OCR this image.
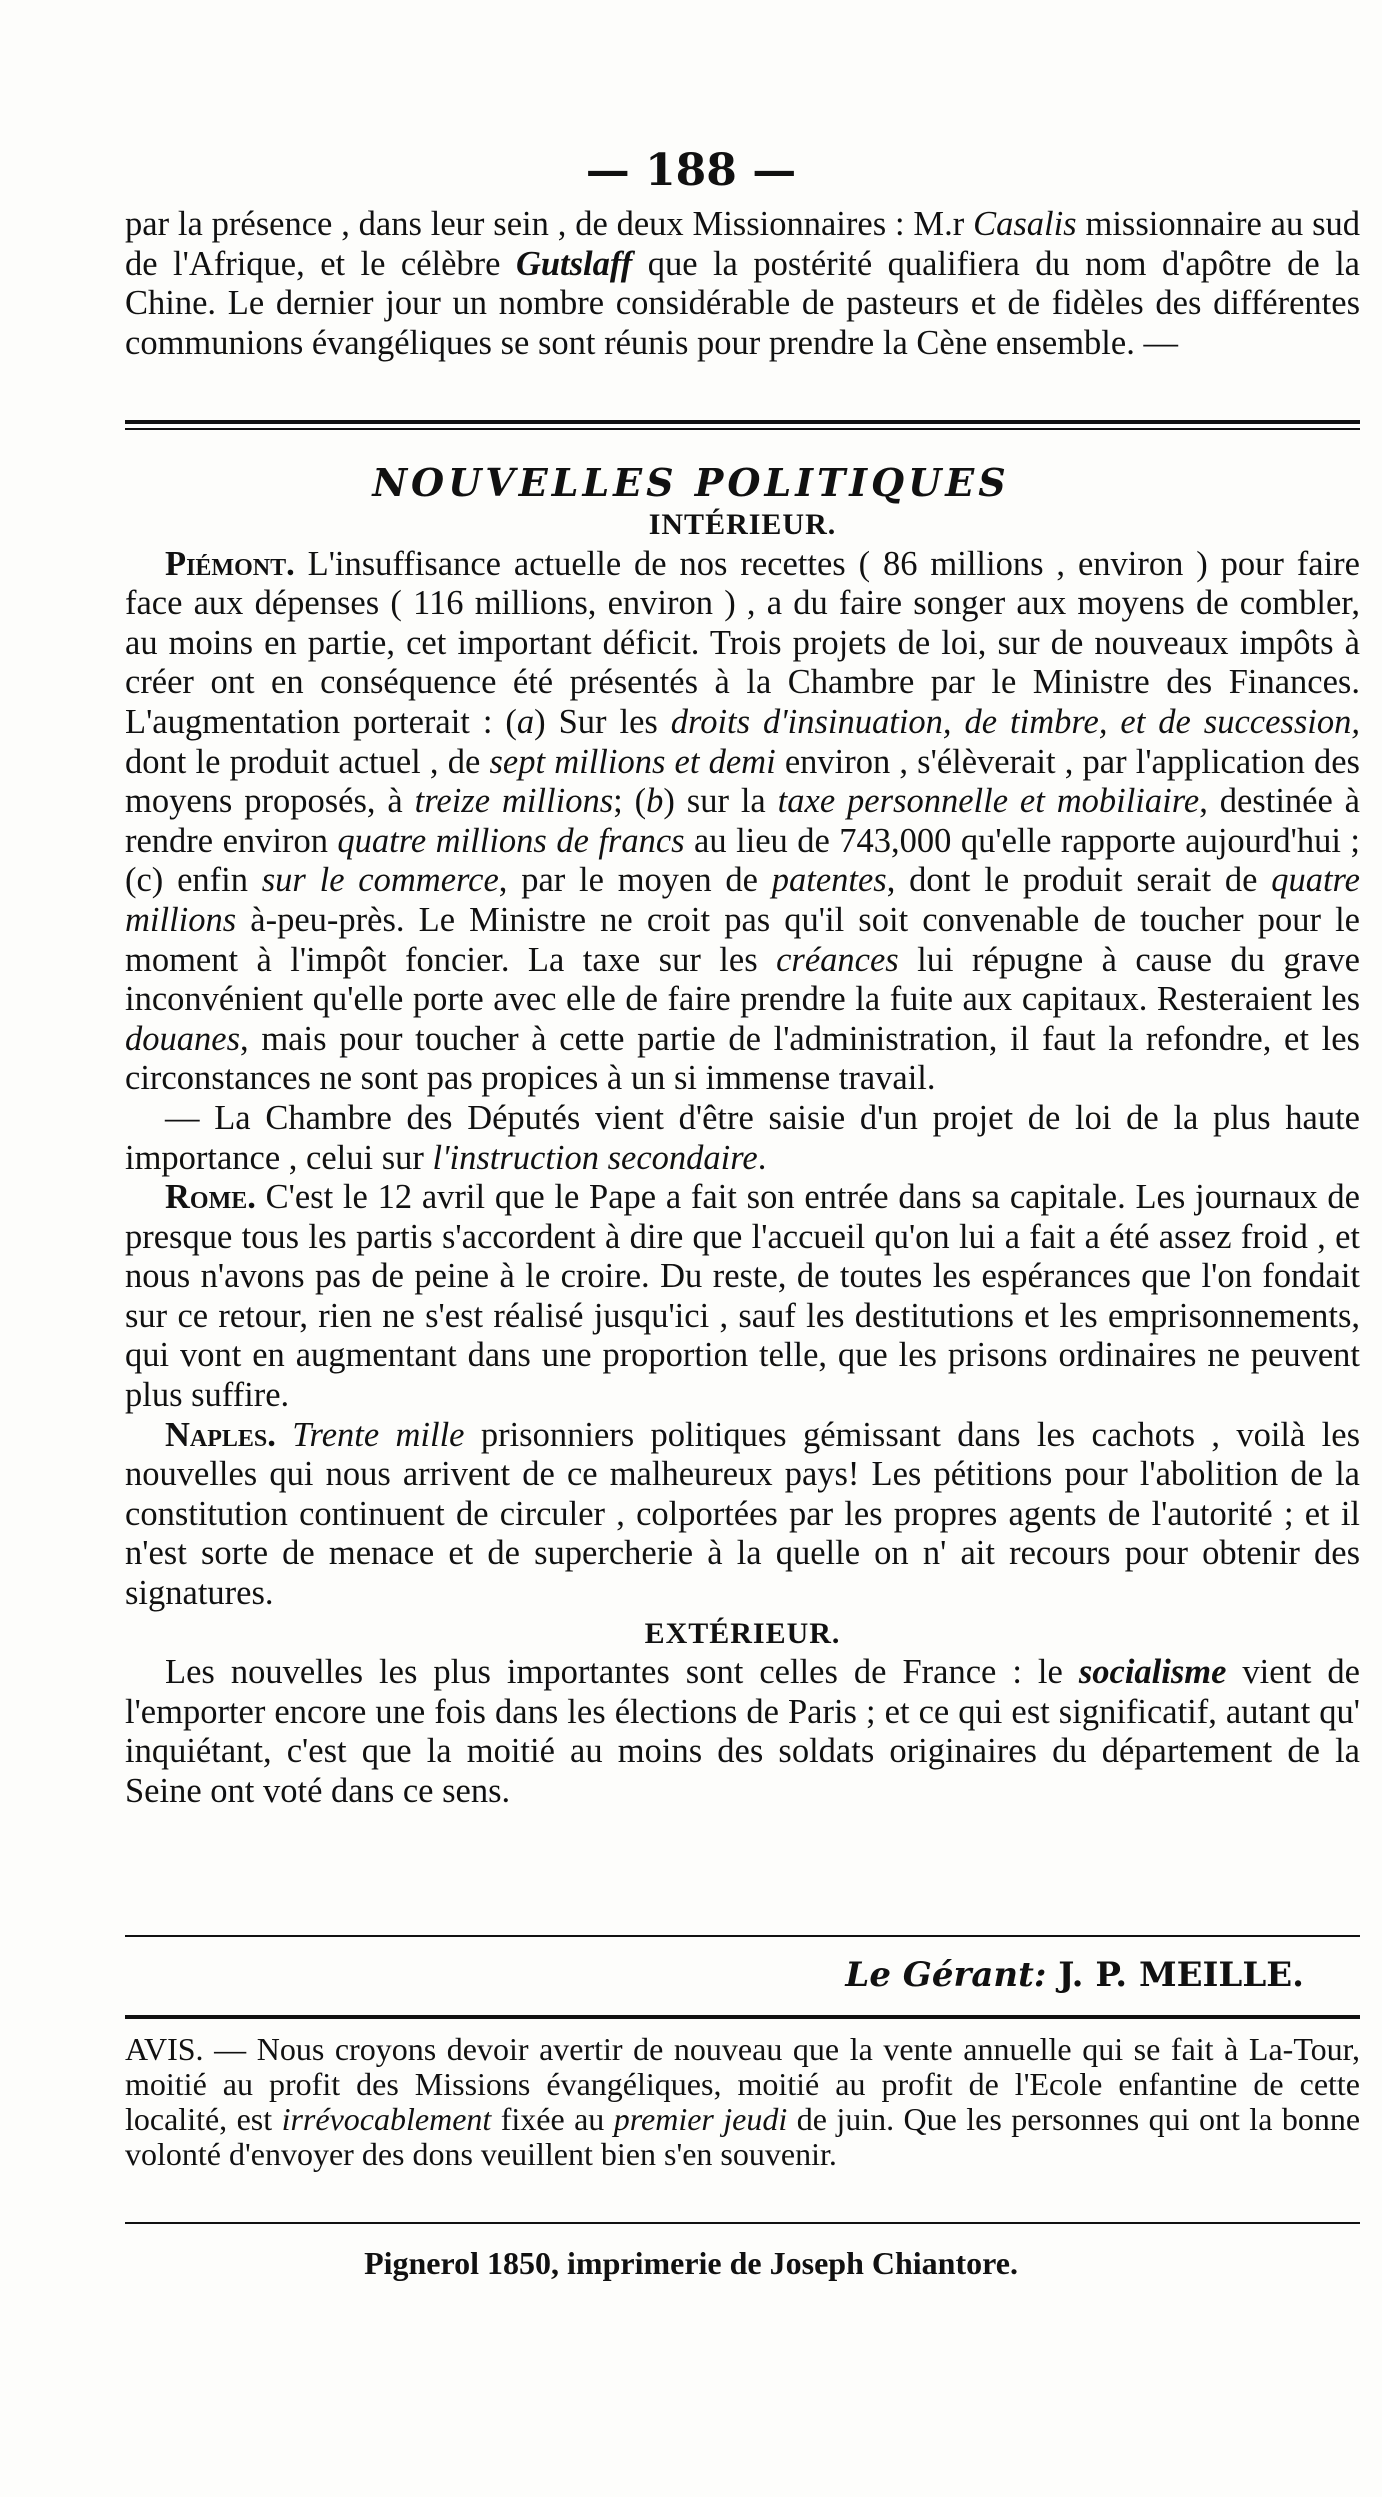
— 188 —

par la présence , dans leur sein , de deux Missionnaires : M.r Casalis missionnaire au sud de l'Afrique, et le célèbre Gutslaff que la postérité qualifiera du nom d'apôtre de la Chine. Le dernier jour un nombre considérable de pasteurs et de fidèles des différentes communions évangéliques se sont réunis pour prendre la Cène ensemble. —

NOUVELLES POLITIQUES

INTÉRIEUR.

Piémont. L'insuffisance actuelle de nos recettes ( 86 millions , environ ) pour faire face aux dépenses ( 116 millions, environ ) , a du faire songer aux moyens de combler, au moins en partie, cet important déficit. Trois projets de loi, sur de nouveaux impôts à créer ont en conséquence été présentés à la Chambre par le Ministre des Finances. L'augmentation porterait : (a) Sur les droits d'insinuation, de timbre, et de succession, dont le produit actuel , de sept millions et demi environ , s'élèverait , par l'application des moyens proposés, à treize millions; (b) sur la taxe personnelle et mobiliaire, destinée à rendre environ quatre millions de francs au lieu de 743,000 qu'elle rapporte aujourd'hui ; (c) enfin sur le commerce, par le moyen de patentes, dont le produit serait de quatre millions à-peu-près. Le Ministre ne croit pas qu'il soit convenable de toucher pour le moment à l'impôt foncier. La taxe sur les créances lui répugne à cause du grave inconvénient qu'elle porte avec elle de faire prendre la fuite aux capitaux. Resteraient les douanes, mais pour toucher à cette partie de l'administration, il faut la refondre, et les circonstances ne sont pas propices à un si immense travail.

— La Chambre des Députés vient d'être saisie d'un projet de loi de la plus haute importance , celui sur l'instruction secondaire.

Rome. C'est le 12 avril que le Pape a fait son entrée dans sa capitale. Les journaux de presque tous les partis s'accordent à dire que l'accueil qu'on lui a fait a été assez froid , et nous n'avons pas de peine à le croire. Du reste, de toutes les espérances que l'on fondait sur ce retour, rien ne s'est réalisé jusqu'ici , sauf les destitutions et les emprisonnements, qui vont en augmentant dans une proportion telle, que les prisons ordinaires ne peuvent plus suffire.

Naples. Trente mille prisonniers politiques gémissant dans les cachots , voilà les nouvelles qui nous arrivent de ce malheureux pays! Les pétitions pour l'abolition de la constitution continuent de circuler , colportées par les propres agents de l'autorité ; et il n'est sorte de menace et de supercherie à la quelle on n' ait recours pour obtenir des signatures.

EXTÉRIEUR.

Les nouvelles les plus importantes sont celles de France : le socialisme vient de l'emporter encore une fois dans les élections de Paris ; et ce qui est significatif, autant qu' inquiétant, c'est que la moitié au moins des soldats originaires du département de la Seine ont voté dans ce sens.

Le Gérant: J. P. MEILLE.
AVIS. — Nous croyons devoir avertir de nouveau que la vente annuelle qui se fait à La-Tour, moitié au profit des Missions évangéliques, moitié au profit de l'Ecole enfantine de cette localité, est irrévocablement fixée au premier jeudi de juin. Que les personnes qui ont la bonne volonté d'envoyer des dons veuillent bien s'en souvenir.
Pignerol 1850, imprimerie de Joseph Chiantore.
